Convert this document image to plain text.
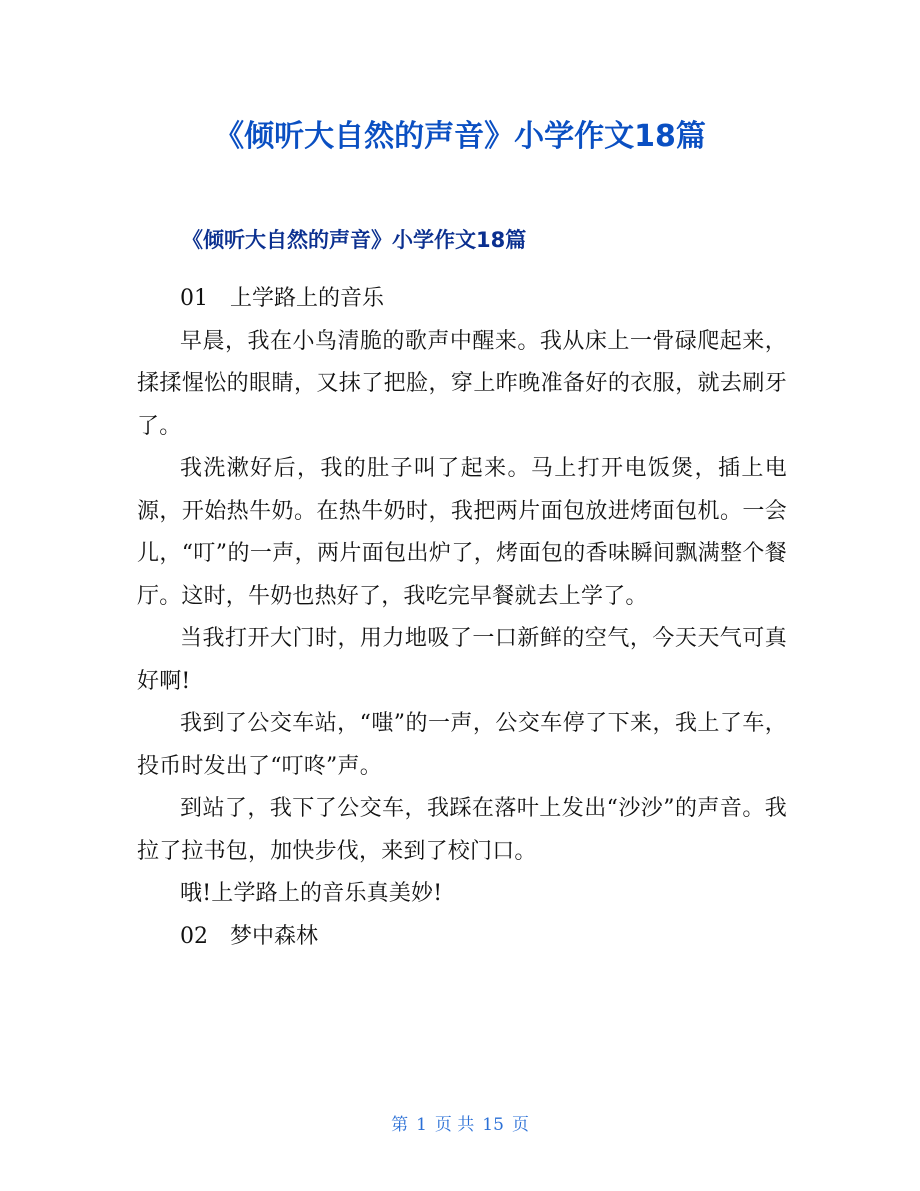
《倾听大自然的声音》小学作文18篇
《倾听大自然的声音》小学作文18篇

01 上学路上的音乐

早晨，我在小鸟清脆的歌声中醒来。我从床上一骨碌爬起来，揉揉惺忪的眼睛，又抹了把脸，穿上昨晚准备好的衣服，就去刷牙了。

我洗漱好后，我的肚子叫了起来。马上打开电饭煲，插上电源，开始热牛奶。在热牛奶时，我把两片面包放进烤面包机。一会儿，“叮”的一声，两片面包出炉了，烤面包的香味瞬间飘满整个餐厅。这时，牛奶也热好了，我吃完早餐就去上学了。

当我打开大门时，用力地吸了一口新鲜的空气，今天天气可真好啊!

我到了公交车站，“嗤”的一声，公交车停了下来，我上了车，投币时发出了“叮咚”声。

到站了，我下了公交车，我踩在落叶上发出“沙沙”的声音。我拉了拉书包，加快步伐，来到了校门口。

哦!上学路上的音乐真美妙!

02 梦中森林

第 1 页 共 15 页
